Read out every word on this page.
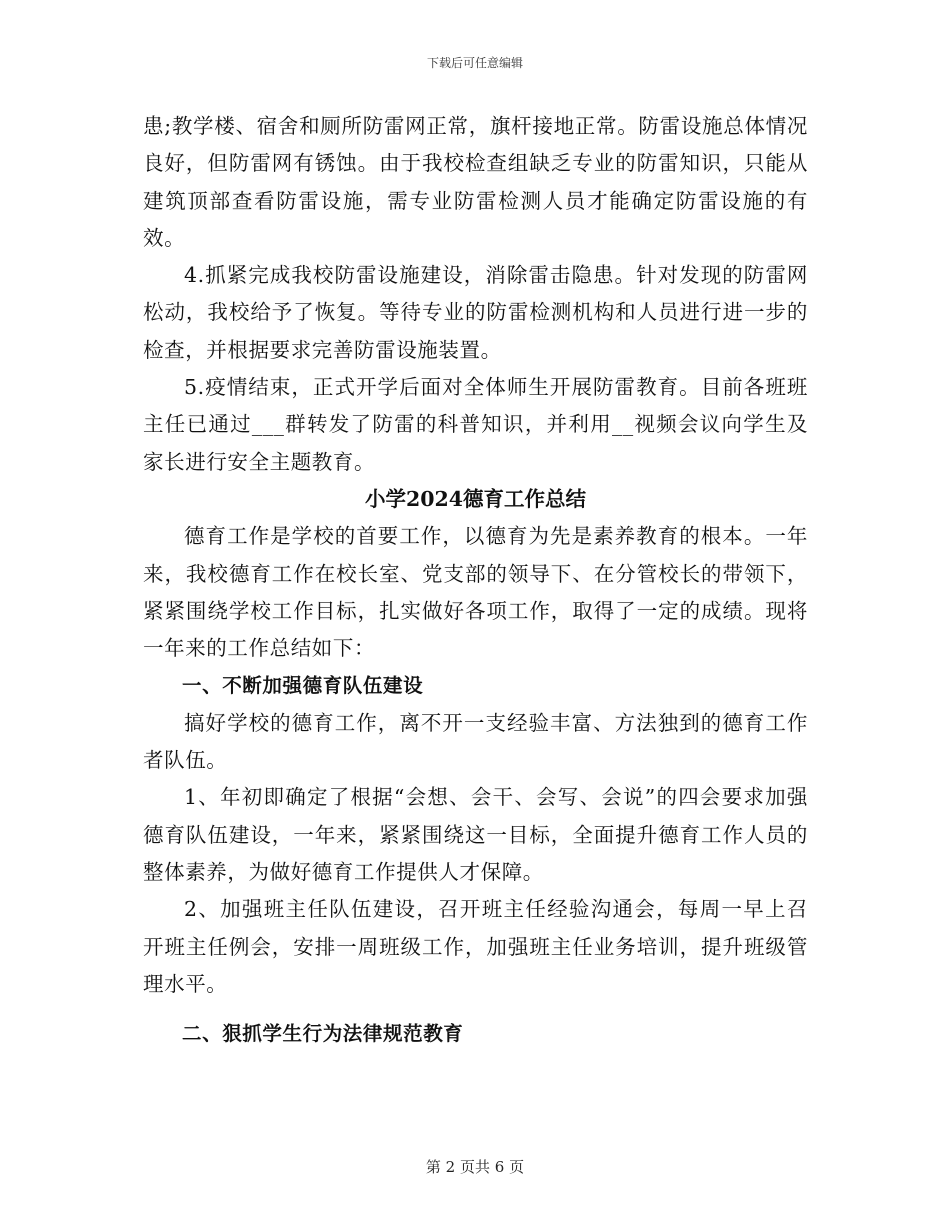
下载后可任意编辑

患;教学楼、宿舍和厕所防雷网正常，旗杆接地正常。防雷设施总体情况良好，但防雷网有锈蚀。由于我校检查组缺乏专业的防雷知识，只能从建筑顶部查看防雷设施，需专业防雷检测人员才能确定防雷设施的有效。

4.抓紧完成我校防雷设施建设，消除雷击隐患。针对发现的防雷网松动，我校给予了恢复。等待专业的防雷检测机构和人员进行进一步的检查，并根据要求完善防雷设施装置。

5.疫情结束，正式开学后面对全体师生开展防雷教育。目前各班班主任已通过___群转发了防雷的科普知识，并利用__视频会议向学生及家长进行安全主题教育。

小学2024德育工作总结

德育工作是学校的首要工作，以德育为先是素养教育的根本。一年来，我校德育工作在校长室、党支部的领导下、在分管校长的带领下，紧紧围绕学校工作目标，扎实做好各项工作，取得了一定的成绩。现将一年来的工作总结如下：

一、不断加强德育队伍建设

搞好学校的德育工作，离不开一支经验丰富、方法独到的德育工作者队伍。

1、年初即确定了根据“会想、会干、会写、会说”的四会要求加强德育队伍建设，一年来，紧紧围绕这一目标，全面提升德育工作人员的整体素养，为做好德育工作提供人才保障。

2、加强班主任队伍建设，召开班主任经验沟通会，每周一早上召开班主任例会，安排一周班级工作，加强班主任业务培训，提升班级管理水平。

二、狠抓学生行为法律规范教育

第 2 页共 6 页
